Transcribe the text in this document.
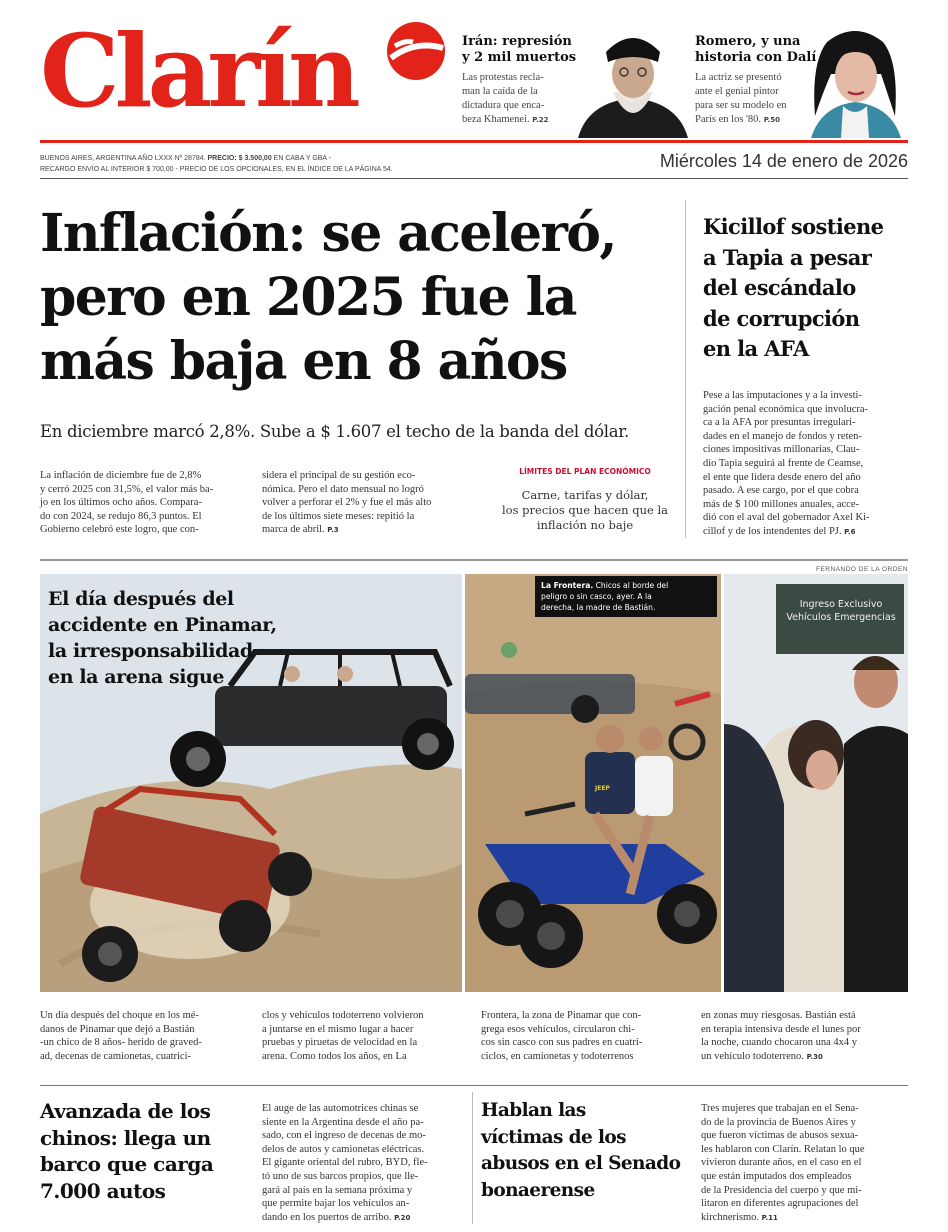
Clarín	Irán: represión
y 2 mil muertos
Las protestas recla-
man la caída de la
dictadura que enca-
beza Khamenei. P.22
Romero, y una
historia con Dalí
La actriz se presentó
ante el genial pintor
para ser su modelo en
París en los '80. P.50
BUENOS AIRES, ARGENTINA AÑO LXXX Nº 28784. PRECIO: $ 3.500,00 EN CABA Y GBA -
RECARGO ENVÍO AL INTERIOR $ 700,00 - PRECIO DE LOS OPCIONALES, EN EL ÍNDICE DE LA PÁGINA 54.	Miércoles 14 de enero de 2026
Inflación: se aceleró,
pero en 2025 fue la
más baja en 8 años
En diciembre marcó 2,8%. Sube a $ 1.607 el techo de la banda del dólar.
La inflación de diciembre fue de 2,8%
y cerró 2025 con 31,5%, el valor más ba-
jo en los últimos ocho años. Compara-
do con 2024, se redujo 86,3 puntos. El
Gobierno celebró este logro, que con-
sidera el principal de su gestión eco-
nómica. Pero el dato mensual no logró
volver a perforar el 2% y fue el más alto
de los últimos siete meses: repitió la
marca de abril. P.3
LÍMITES DEL PLAN ECONÓMICO
Carne, tarifas y dólar,
los precios que hacen que la
inflación no baje
Kicillof sostiene
a Tapia a pesar
del escándalo
de corrupción
en la AFA
Pese a las imputaciones y a la investi-
gación penal económica que involucra-
ca a la AFA por presuntas irregulari-
dades en el manejo de fondos y reten-
ciones impositivas millonarias, Clau-
dio Tapia seguirá al frente de Ceamse,
el ente que lidera desde enero del año
pasado. A ese cargo, por el que cobra
más de $ 100 millones anuales, acce-
dió con el aval del gobernador Axel Ki-
cillof y de los intendentes del PJ. P.6
FERNANDO DE LA ORDEN
El día después del
accidente en Pinamar,
la irresponsabilidad
en la arena sigue
JEEP
La Frontera. Chicos al borde del
peligro o sin casco, ayer. A la
derecha, la madre de Bastián.	Ingreso Exclusivo
Vehículos Emergencias
Un día después del choque en los mé-
danos de Pinamar que dejó a Bastián
-un chico de 8 años- herido de graved-
ad, decenas de camionetas, cuatrici-
clos y vehículos todoterreno volvieron
a juntarse en el mismo lugar a hacer
pruebas y piruetas de velocidad en la
arena. Como todos los años, en La
Frontera, la zona de Pinamar que con-
grega esos vehículos, circularon chi-
cos sin casco con sus padres en cuatri-
ciclos, en camionetas y todoterrenos
en zonas muy riesgosas. Bastián está
en terapia intensiva desde el lunes por
la noche, cuando chocaron una 4x4 y
un vehículo todoterreno. P.30
Avanzada de los
chinos: llega un
barco que carga
7.000 autos
El auge de las automotrices chinas se
siente en la Argentina desde el año pa-
sado, con el ingreso de decenas de mo-
delos de autos y camionetas eléctricas.
El gigante oriental del rubro, BYD, fle-
tó uno de sus barcos propios, que lle-
gará al país en la semana próxima y
que permite bajar los vehículos an-
dando en los puertos de arribo. P.20
Hablan las
víctimas de los
abusos en el Senado
bonaerense
Tres mujeres que trabajan en el Sena-
do de la provincia de Buenos Aires y
que fueron víctimas de abusos sexua-
les hablaron con Clarín. Relatan lo que
vivieron durante años, en el caso en el
que están imputados dos empleados
de la Presidencia del cuerpo y que mi-
litaron en diferentes agrupaciones del
kirchnerismo. P.11
